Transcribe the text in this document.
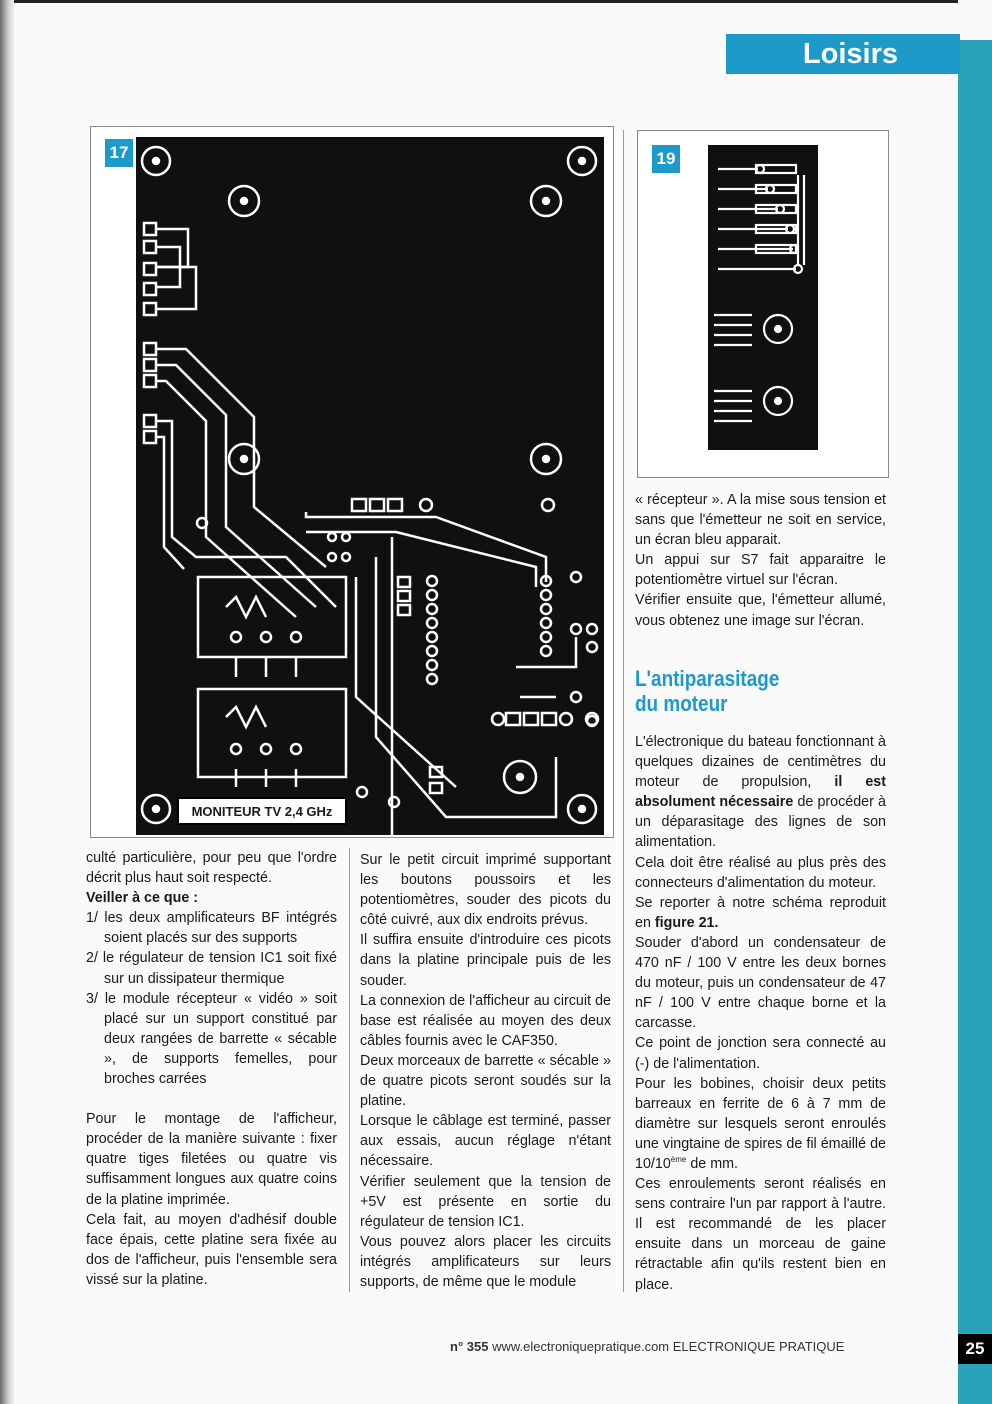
Loisirs
17
MONITEUR TV 2,4 GHz
19

culté particulière, pour peu que l'ordre décrit plus haut soit respecté.

Veiller à ce que :

1/ les deux amplificateurs BF intégrés soient placés sur des supports
2/ le régulateur de tension IC1 soit fixé sur un dissipateur thermique
3/ le module récepteur « vidéo » soit placé sur un support constitué par deux rangées de barrette « sécable », de supports femelles, pour broches carrées

Pour le montage de l'afficheur, procéder de la manière suivante : fixer quatre tiges filetées ou quatre vis suffisamment longues aux quatre coins de la platine imprimée.

Cela fait, au moyen d'adhésif double face épais, cette platine sera fixée au dos de l'afficheur, puis l'ensemble sera vissé sur la platine.

Sur le petit circuit imprimé supportant les boutons poussoirs et les potentiomètres, souder des picots du côté cuivré, aux dix endroits prévus.

Il suffira ensuite d'introduire ces picots dans la platine principale puis de les souder.

La connexion de l'afficheur au circuit de base est réalisée au moyen des deux câbles fournis avec le CAF350.

Deux morceaux de barrette « sécable » de quatre picots seront soudés sur la platine.

Lorsque le câblage est terminé, passer aux essais, aucun réglage n'étant nécessaire.

Vérifier seulement que la tension de +5V est présente en sortie du régulateur de tension IC1.

Vous pouvez alors placer les circuits intégrés amplificateurs sur leurs supports, de même que le module

« récepteur ». A la mise sous tension et sans que l'émetteur ne soit en service, un écran bleu apparait.

Un appui sur S7 fait apparaitre le potentiomètre virtuel sur l'écran.

Vérifier ensuite que, l'émetteur allumé, vous obtenez une image sur l'écran.

L'antiparasitage
du moteur

L'électronique du bateau fonctionnant à quelques dizaines de centimètres du moteur de propulsion, il est absolument nécessaire de procéder à un déparasitage des lignes de son alimentation.

Cela doit être réalisé au plus près des connecteurs d'alimentation du moteur.

Se reporter à notre schéma reproduit en figure 21.

Souder d'abord un condensateur de 470 nF / 100 V entre les deux bornes du moteur, puis un condensateur de 47 nF / 100 V entre chaque borne et la carcasse.

Ce point de jonction sera connecté au (-) de l'alimentation.

Pour les bobines, choisir deux petits barreaux en ferrite de 6 à 7 mm de diamètre sur lesquels seront enroulés une vingtaine de spires de fil émaillé de 10/10ème de mm.

Ces enroulements seront réalisés en sens contraire l'un par rapport à l'autre. Il est recommandé de les placer ensuite dans un morceau de gaine rétractable afin qu'ils restent bien en place.

n° 355 www.electroniquepratique.com ELECTRONIQUE PRATIQUE	25
